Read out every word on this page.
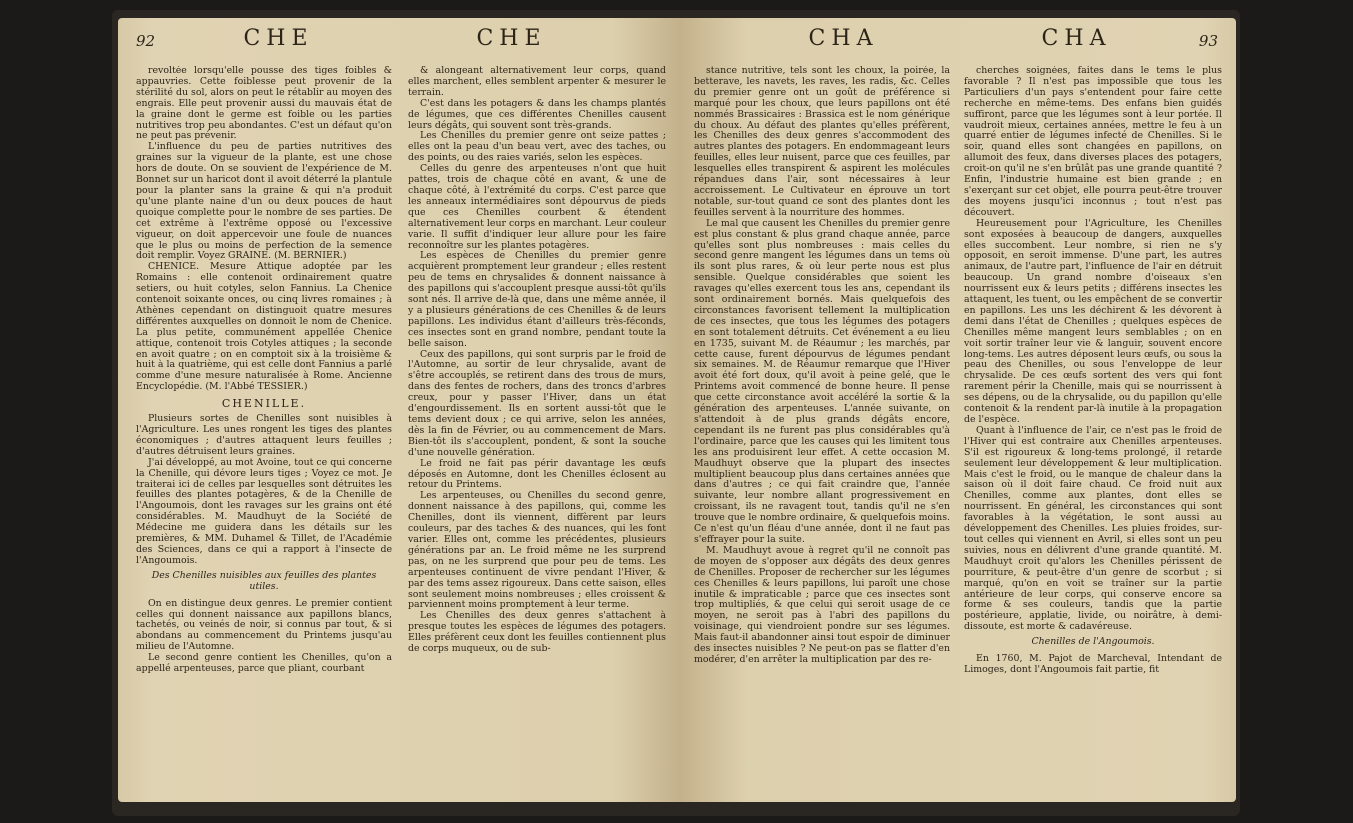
92	CHE	CHE

revoltée lorsqu'elle pousse des tiges foibles & appauvries. Cette foiblesse peut provenir de la stérilité du sol, alors on peut le rétablir au moyen des engrais. Elle peut provenir aussi du mauvais état de la graine dont le germe est foible ou les parties nutritives trop peu abondantes. C'est un défaut qu'on ne peut pas prévenir.

L'influence du peu de parties nutritives des graines sur la vigueur de la plante, est une chose hors de doute. On se souvient de l'expérience de M. Bonnet sur un haricot dont il avoit déterré la plantule pour la planter sans la graine & qui n'a produit qu'une plante naine d'un ou deux pouces de haut quoique complette pour le nombre de ses parties. De cet extrême à l'extrême opposé ou l'excessive vigueur, on doit appercevoir une foule de nuances que le plus ou moins de perfection de la semence doit remplir. Voyez GRAINE. (M. BERNIER.)

CHENICE. Mesure Attique adoptée par les Romains : elle contenoit ordinairement quatre setiers, ou huit cotyles, selon Fannius. La Chenice contenoit soixante onces, ou cinq livres romaines ; à Athènes cependant on distinguoit quatre mesures différentes auxquelles on donnoit le nom de Chenice. La plus petite, communément appellée Chenice attique, contenoit trois Cotyles attiques ; la seconde en avoit quatre ; on en comptoit six à la troisième & huit à la quatrième, qui est celle dont Fannius a parlé comme d'une mesure naturalisée à Rome. Ancienne Encyclopédie. (M. l'Abbé TESSIER.)

CHENILLE.

Plusieurs sortes de Chenilles sont nuisibles à l'Agriculture. Les unes rongent les tiges des plantes économiques ; d'autres attaquent leurs feuilles ; d'autres détruisent leurs graines.

J'ai développé, au mot Avoine, tout ce qui concerne la Chenille, qui dévore leurs tiges ; Voyez ce mot. Je traiterai ici de celles par lesquelles sont détruites les feuilles des plantes potagères, & de la Chenille de l'Angoumois, dont les ravages sur les grains ont été considérables. M. Maudhuyt de la Société de Médecine me guidera dans les détails sur les premières, & MM. Duhamel & Tillet, de l'Académie des Sciences, dans ce qui a rapport à l'insecte de l'Angoumois.

Des Chenilles nuisibles aux feuilles des plantes utiles.

On en distingue deux genres. Le premier contient celles qui donnent naissance aux papillons blancs, tachetés, ou veinés de noir, si connus par tout, & si abondans au commencement du Printems jusqu'au milieu de l'Automne.

Le second genre contient les Chenilles, qu'on a appellé arpenteuses, parce que pliant, courbant

& alongeant alternativement leur corps, quand elles marchent, elles semblent arpenter & mesurer le terrain.

C'est dans les potagers & dans les champs plantés de légumes, que ces différentes Chenilles causent leurs dégâts, qui souvent sont très-grands.

Les Chenilles du premier genre ont seize pattes ; elles ont la peau d'un beau vert, avec des taches, ou des points, ou des raies variés, selon les espèces.

Celles du genre des arpenteuses n'ont que huit pattes, trois de chaque côté en avant, & une de chaque côté, à l'extrémité du corps. C'est parce que les anneaux intermédiaires sont dépourvus de pieds que ces Chenilles courbent & étendent alternativement leur corps en marchant. Leur couleur varie. Il suffit d'indiquer leur allure pour les faire reconnoître sur les plantes potagères.

Les espèces de Chenilles du premier genre acquièrent promptement leur grandeur ; elles restent peu de tems en chrysalides & donnent naissance à des papillons qui s'accouplent presque aussi-tôt qu'ils sont nés. Il arrive de-là que, dans une même année, il y a plusieurs générations de ces Chenilles & de leurs papillons. Les individus étant d'ailleurs très-féconds, ces insectes sont en grand nombre, pendant toute la belle saison.

Ceux des papillons, qui sont surpris par le froid de l'Automne, au sortir de leur chrysalide, avant de s'être accouplés, se retirent dans des trous de murs, dans des fentes de rochers, dans des troncs d'arbres creux, pour y passer l'Hiver, dans un état d'engourdissement. Ils en sortent aussi-tôt que le tems devient doux ; ce qui arrive, selon les années, dès la fin de Février, ou au commencement de Mars. Bien-tôt ils s'accouplent, pondent, & sont la souche d'une nouvelle génération.

Le froid ne fait pas périr davantage les œufs déposés en Automne, dont les Chenilles éclosent au retour du Printems.

Les arpenteuses, ou Chenilles du second genre, donnent naissance à des papillons, qui, comme les Chenilles, dont ils viennent, diffèrent par leurs couleurs, par des taches & des nuances, qui les font varier. Elles ont, comme les précédentes, plusieurs générations par an. Le froid même ne les surprend pas, on ne les surprend que pour peu de tems. Les arpenteuses continuent de vivre pendant l'Hiver, & par des tems assez rigoureux. Dans cette saison, elles sont seulement moins nombreuses ; elles croissent & parviennent moins promptement à leur terme.

Les Chenilles des deux genres s'attachent à presque toutes les espèces de légumes des potagers. Elles préfèrent ceux dont les feuilles contiennent plus de corps muqueux, ou de sub-

CHA	CHA	93

stance nutritive, tels sont les choux, la poirée, la betterave, les navets, les raves, les radis, &c. Celles du premier genre ont un goût de préférence si marqué pour les choux, que leurs papillons ont été nommés Brassicaires : Brassica est le nom générique du choux. Au défaut des plantes qu'elles préfèrent, les Chenilles des deux genres s'accommodent des autres plantes des potagers. En endommageant leurs feuilles, elles leur nuisent, parce que ces feuilles, par lesquelles elles transpirent & aspirent les molécules répandues dans l'air, sont nécessaires à leur accroissement. Le Cultivateur en éprouve un tort notable, sur-tout quand ce sont des plantes dont les feuilles servent à la nourriture des hommes.

Le mal que causent les Chenilles du premier genre est plus constant & plus grand chaque année, parce qu'elles sont plus nombreuses : mais celles du second genre mangent les légumes dans un tems où ils sont plus rares, & où leur perte nous est plus sensible. Quelque considérables que soient les ravages qu'elles exercent tous les ans, cependant ils sont ordinairement bornés. Mais quelquefois des circonstances favorisent tellement la multiplication de ces insectes, que tous les légumes des potagers en sont totalement détruits. Cet événement a eu lieu en 1735, suivant M. de Réaumur ; les marchés, par cette cause, furent dépourvus de légumes pendant six semaines. M. de Réaumur remarque que l'Hiver avoit été fort doux, qu'il avoit à peine gelé, que le Printems avoit commencé de bonne heure. Il pense que cette circonstance avoit accéléré la sortie & la génération des arpenteuses. L'année suivante, on s'attendoit à de plus grands dégâts encore, cependant ils ne furent pas plus considérables qu'à l'ordinaire, parce que les causes qui les limitent tous les ans produisirent leur effet. A cette occasion M. Maudhuyt observe que la plupart des insectes multiplient beaucoup plus dans certaines années que dans d'autres ; ce qui fait craindre que, l'année suivante, leur nombre allant progressivement en croissant, ils ne ravagent tout, tandis qu'il ne s'en trouve que le nombre ordinaire, & quelquefois moins. Ce n'est qu'un fléau d'une année, dont il ne faut pas s'effrayer pour la suite.

M. Maudhuyt avoue à regret qu'il ne connoît pas de moyen de s'opposer aux dégâts des deux genres de Chenilles. Proposer de rechercher sur les légumes ces Chenilles & leurs papillons, lui paroît une chose inutile & impraticable ; parce que ces insectes sont trop multipliés, & que celui qui seroit usage de ce moyen, ne seroit pas à l'abri des papillons du voisinage, qui viendroient pondre sur ses légumes. Mais faut-il abandonner ainsi tout espoir de diminuer des insectes nuisibles ? Ne peut-on pas se flatter d'en modérer, d'en arrêter la multiplication par des re-

cherches soignées, faites dans le tems le plus favorable ? Il n'est pas impossible que tous les Particuliers d'un pays s'entendent pour faire cette recherche en même-tems. Des enfans bien guidés suffiront, parce que les légumes sont à leur portée. Il vaudroit mieux, certaines années, mettre le feu à un quarré entier de légumes infecté de Chenilles. Si le soir, quand elles sont changées en papillons, on allumoit des feux, dans diverses places des potagers, croit-on qu'il ne s'en brûlât pas une grande quantité ? Enfin, l'industrie humaine est bien grande ; en s'exerçant sur cet objet, elle pourra peut-être trouver des moyens jusqu'ici inconnus ; tout n'est pas découvert.

Heureusement pour l'Agriculture, les Chenilles sont exposées à beaucoup de dangers, auxquelles elles succombent. Leur nombre, si rien ne s'y opposoit, en seroit immense. D'une part, les autres animaux, de l'autre part, l'influence de l'air en détruit beaucoup. Un grand nombre d'oiseaux s'en nourrissent eux & leurs petits ; différens insectes les attaquent, les tuent, ou les empêchent de se convertir en papillons. Les uns les déchirent & les dévorent à demi dans l'état de Chenilles ; quelques espèces de Chenilles même mangent leurs semblables ; on en voit sortir traîner leur vie & languir, souvent encore long-tems. Les autres déposent leurs œufs, ou sous la peau des Chenilles, ou sous l'enveloppe de leur chrysalide. De ces œufs sortent des vers qui font rarement périr la Chenille, mais qui se nourrissent à ses dépens, ou de la chrysalide, ou du papillon qu'elle contenoit & la rendent par-là inutile à la propagation de l'espèce.

Quant à l'influence de l'air, ce n'est pas le froid de l'Hiver qui est contraire aux Chenilles arpenteuses. S'il est rigoureux & long-tems prolongé, il retarde seulement leur développement & leur multiplication. Mais c'est le froid, ou le manque de chaleur dans la saison où il doit faire chaud. Ce froid nuit aux Chenilles, comme aux plantes, dont elles se nourrissent. En général, les circonstances qui sont favorables à la végétation, le sont aussi au développement des Chenilles. Les pluies froides, sur-tout celles qui viennent en Avril, si elles sont un peu suivies, nous en délivrent d'une grande quantité. M. Maudhuyt croit qu'alors les Chenilles périssent de pourriture, & peut-être d'un genre de scorbut ; si marqué, qu'on en voit se traîner sur la partie antérieure de leur corps, qui conserve encore sa forme & ses couleurs, tandis que la partie postérieure, applatie, livide, ou noirâtre, à demi-dissoute, est morte & cadavéreuse.

Chenilles de l'Angoumois.

En 1760, M. Pajot de Marcheval, Intendant de Limoges, dont l'Angoumois fait partie, fit
